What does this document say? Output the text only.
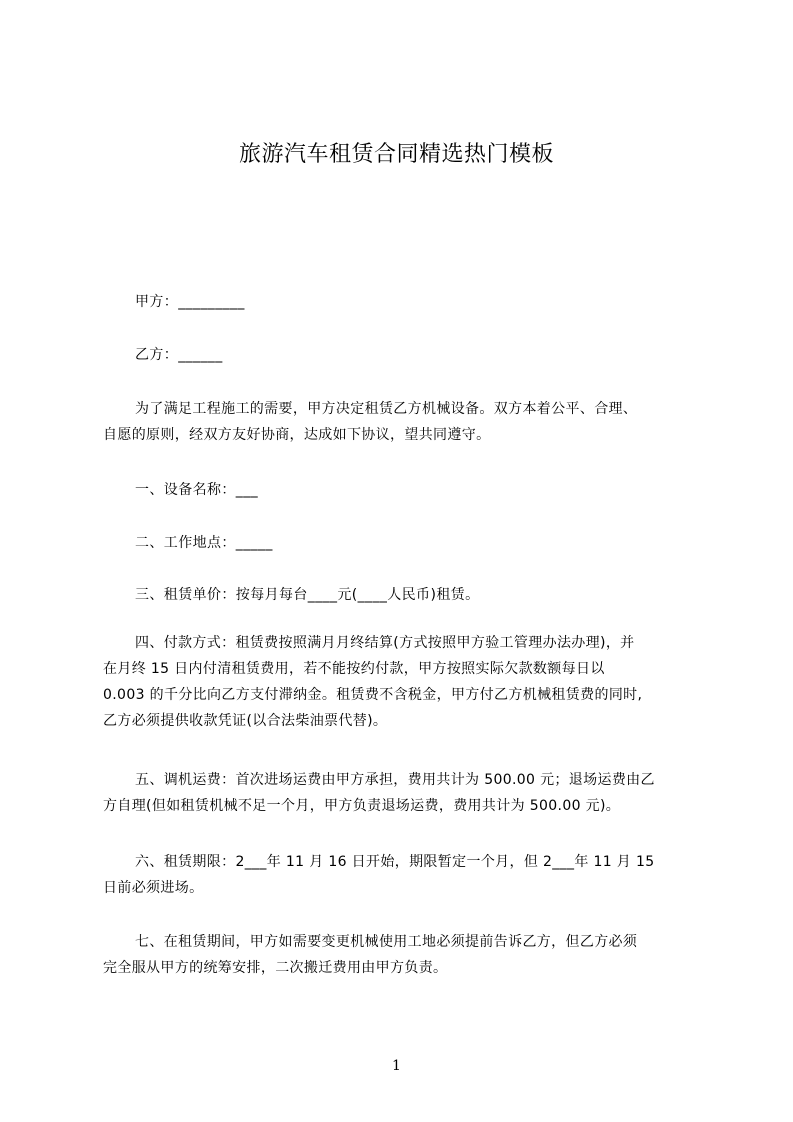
旅游汽车租赁合同精选热门模板
甲方：_________
乙方：______
为了满足工程施工的需要，甲方决定租赁乙方机械设备。双方本着公平、合理、
自愿的原则，经双方友好协商，达成如下协议，望共同遵守。
一、设备名称：___
二、工作地点：_____
三、租赁单价：按每月每台____元(____人民币)租赁。
四、付款方式：租赁费按照满月月终结算(方式按照甲方验工管理办法办理)，并
在月终 15 日内付清租赁费用，若不能按约付款，甲方按照实际欠款数额每日以
0.003 的千分比向乙方支付滞纳金。租赁费不含税金，甲方付乙方机械租赁费的同时,
乙方必须提供收款凭证(以合法柴油票代替)。
五、调机运费：首次进场运费由甲方承担，费用共计为 500.00 元；退场运费由乙
方自理(但如租赁机械不足一个月，甲方负责退场运费，费用共计为 500.00 元)。
六、租赁期限：2___年 11 月 16 日开始，期限暂定一个月，但 2___年 11 月 15
日前必须进场。
七、在租赁期间，甲方如需要变更机械使用工地必须提前告诉乙方，但乙方必须
完全服从甲方的统筹安排，二次搬迁费用由甲方负责。
1
